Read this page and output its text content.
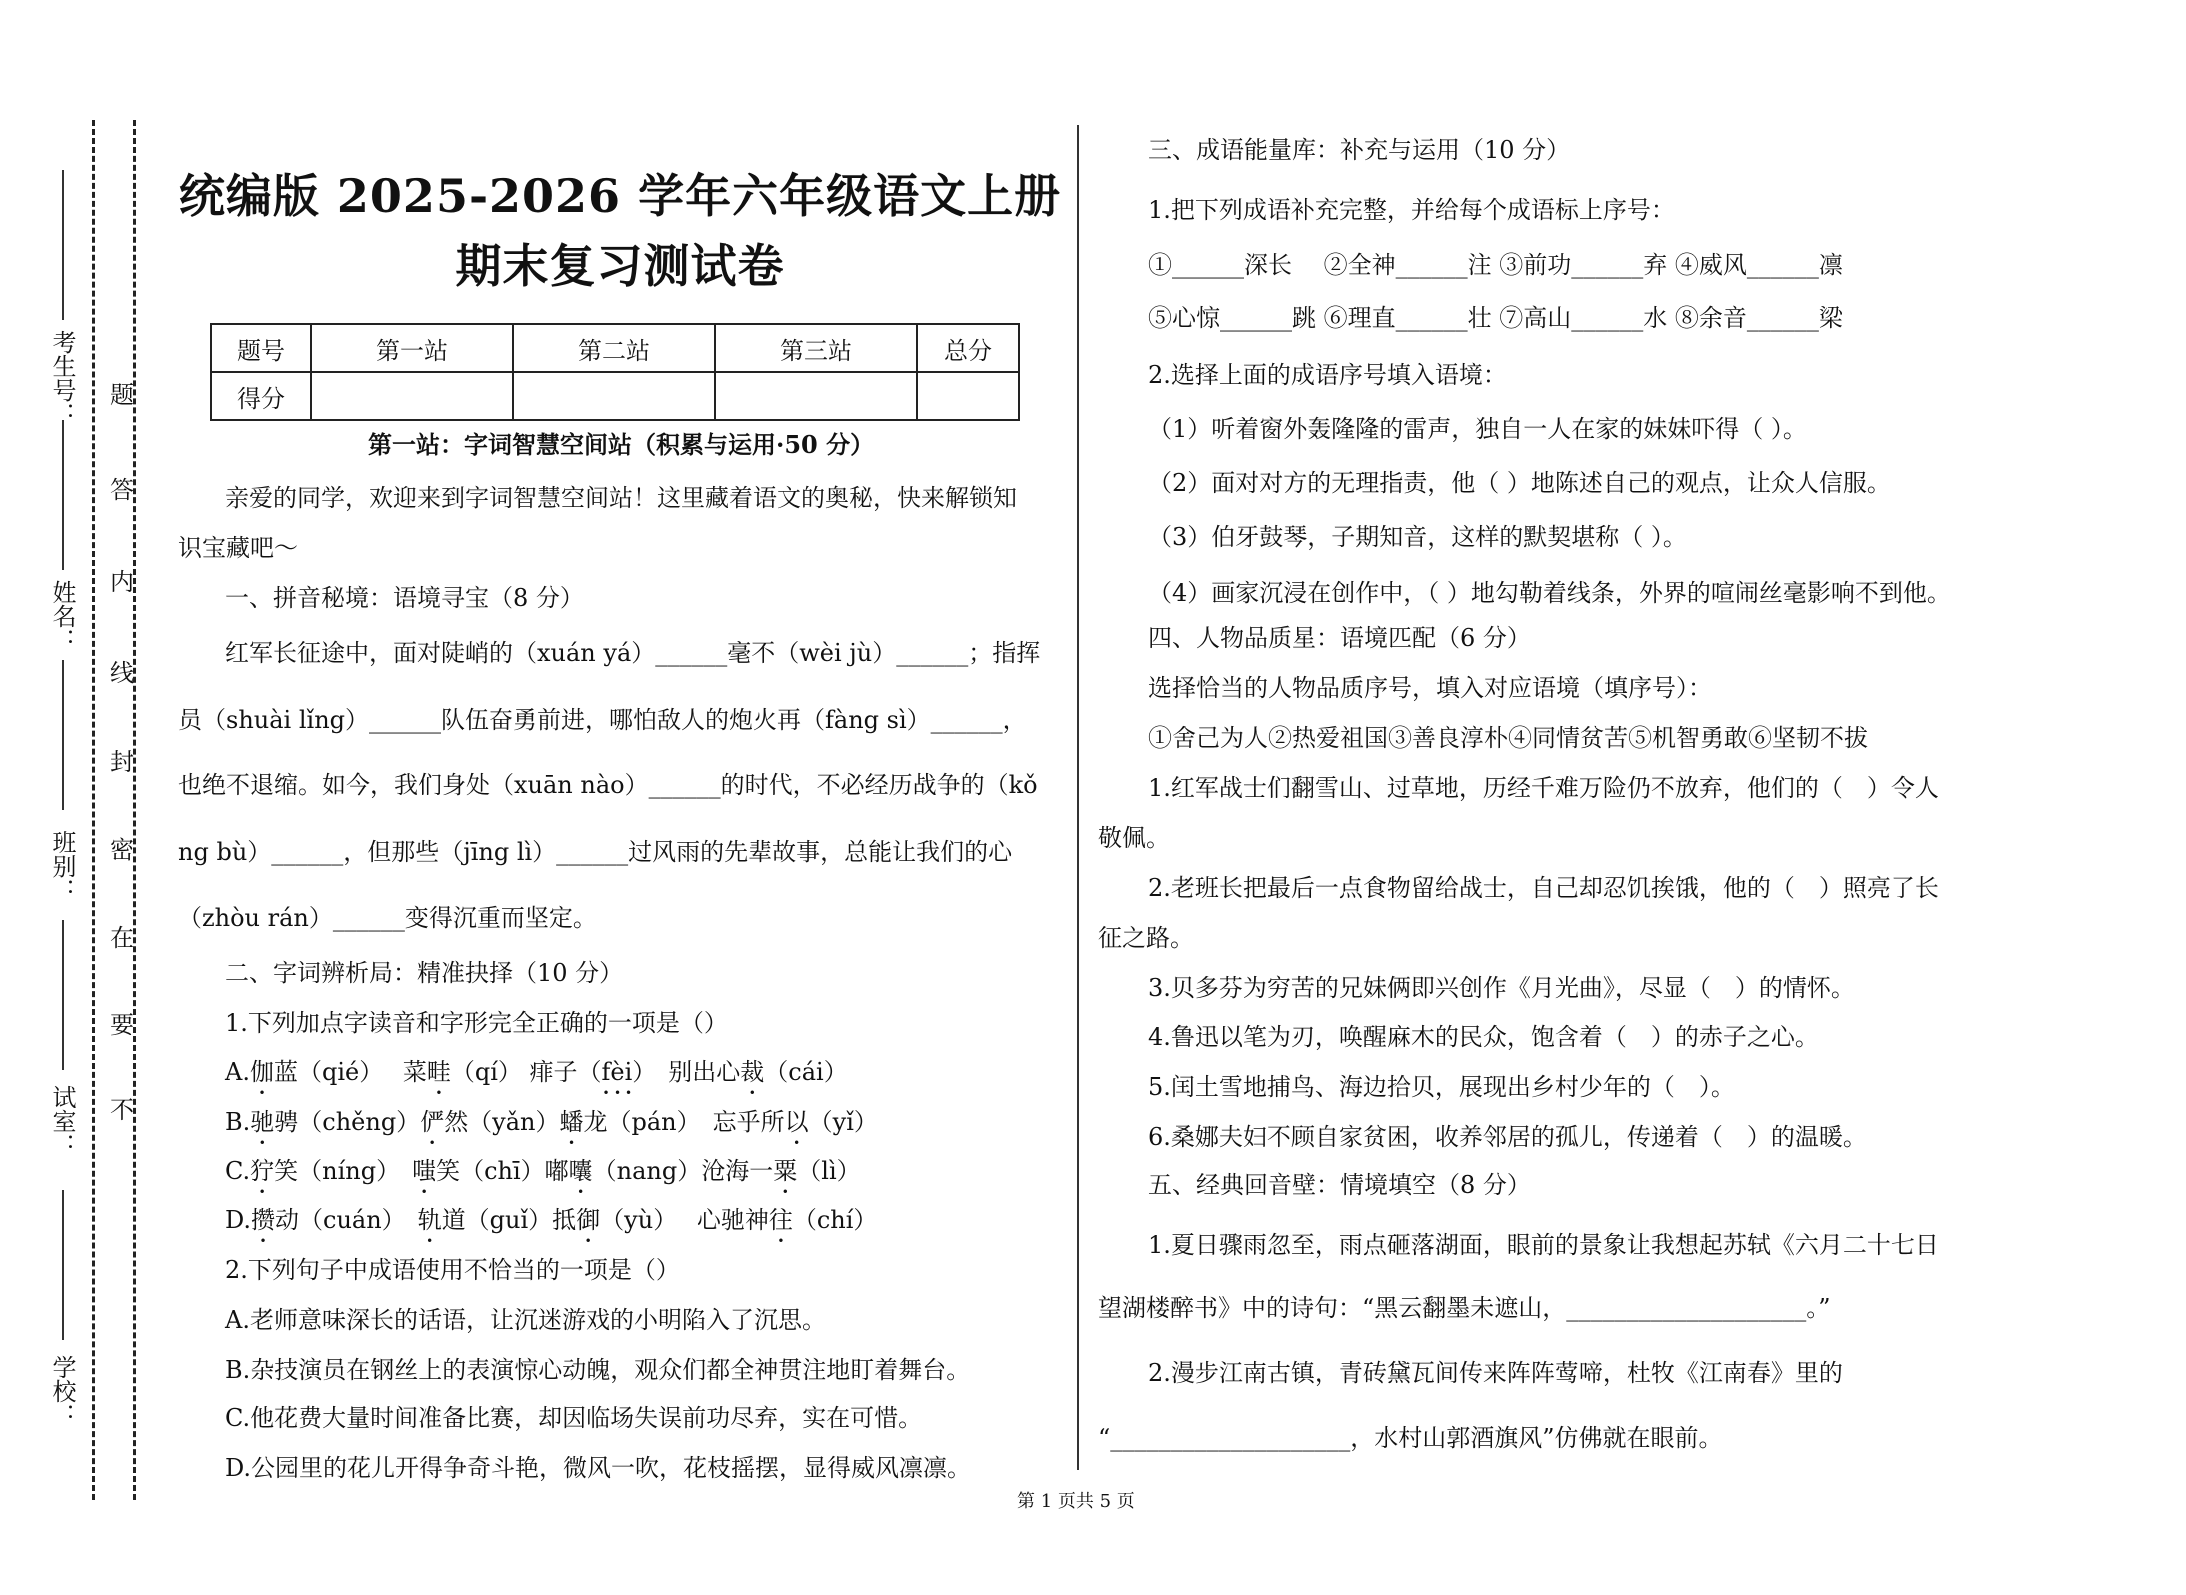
考生号：
姓名：
班别：
试室：
学校：
题
答
内
线
封
密
在
要
不
统编版 2025-2026 学年六年级语文上册
期末复习测试卷
题号	第一站	第二站	第三站	总分
得分				
第一站：字词智慧空间站（积累与运用·50 分）
亲爱的同学，欢迎来到字词智慧空间站！这里藏着语文的奥秘，快来解锁知
识宝藏吧～
一、拼音秘境：语境寻宝（8 分）
红军长征途中，面对陡峭的（xuán yá）______毫不（wèi jù）______；指挥
员（shuài lǐng）______队伍奋勇前进，哪怕敌人的炮火再（fàng sì）______，
也绝不退缩。如今，我们身处（xuān nào）______的时代，不必经历战争的（kǒ
ng bù）______，但那些（jīng lì）______过风雨的先辈故事，总能让我们的心
（zhòu rán）______变得沉重而坚定。
二、字词辨析局：精准抉择（10 分）
1.下列加点字读音和字形完全正确的一项是（）
A.伽蓝（qié）　 菜畦（qí） 痱子（fèi）　别出心裁（cái）
B.驰骋（chěng）俨然（yǎn）蟠龙（pán）　忘乎所以（yǐ）
C.狞笑（níng）　嗤笑（chī）嘟囔（nang）沧海一粟（lì）
D.攒动（cuán）　轨道（guǐ）抵御（yù）　 心驰神往（chí）
2.下列句子中成语使用不恰当的一项是（）
A.老师意味深长的话语，让沉迷游戏的小明陷入了沉思。
B.杂技演员在钢丝上的表演惊心动魄，观众们都全神贯注地盯着舞台。
C.他花费大量时间准备比赛，却因临场失误前功尽弃，实在可惜。
D.公园里的花儿开得争奇斗艳，微风一吹，花枝摇摆，显得威风凛凛。
三、成语能量库：补充与运用（10 分）
1.把下列成语补充完整，并给每个成语标上序号：
①______深长　 ②全神______注 ③前功______弃 ④威风______凛
⑤心惊______跳 ⑥理直______壮 ⑦高山______水 ⑧余音______梁
2.选择上面的成语序号填入语境：
（1）听着窗外轰隆隆的雷声，独自一人在家的妹妹吓得（ ）。
（2）面对对方的无理指责，他（ ）地陈述自己的观点，让众人信服。
（3）伯牙鼓琴，子期知音，这样的默契堪称（ ）。
（4）画家沉浸在创作中，（ ）地勾勒着线条，外界的喧闹丝毫影响不到他。
四、人物品质星：语境匹配（6 分）
选择恰当的人物品质序号，填入对应语境（填序号）：
①舍己为人②热爱祖国③善良淳朴④同情贫苦⑤机智勇敢⑥坚韧不拔
1.红军战士们翻雪山、过草地，历经千难万险仍不放弃，他们的（　）令人
敬佩。
2.老班长把最后一点食物留给战士，自己却忍饥挨饿，他的（　）照亮了长
征之路。
3.贝多芬为穷苦的兄妹俩即兴创作《月光曲》，尽显（　）的情怀。
4.鲁迅以笔为刃，唤醒麻木的民众，饱含着（　）的赤子之心。
5.闰土雪地捕鸟、海边拾贝，展现出乡村少年的（　）。
6.桑娜夫妇不顾自家贫困，收养邻居的孤儿，传递着（　）的温暖。
五、经典回音壁：情境填空（8 分）
1.夏日骤雨忽至，雨点砸落湖面，眼前的景象让我想起苏轼《六月二十七日
望湖楼醉书》中的诗句：“黑云翻墨未遮山，____________________。”
2.漫步江南古镇，青砖黛瓦间传来阵阵莺啼，杜牧《江南春》里的
“____________________，水村山郭酒旗风”仿佛就在眼前。
第 1 页共 5 页
